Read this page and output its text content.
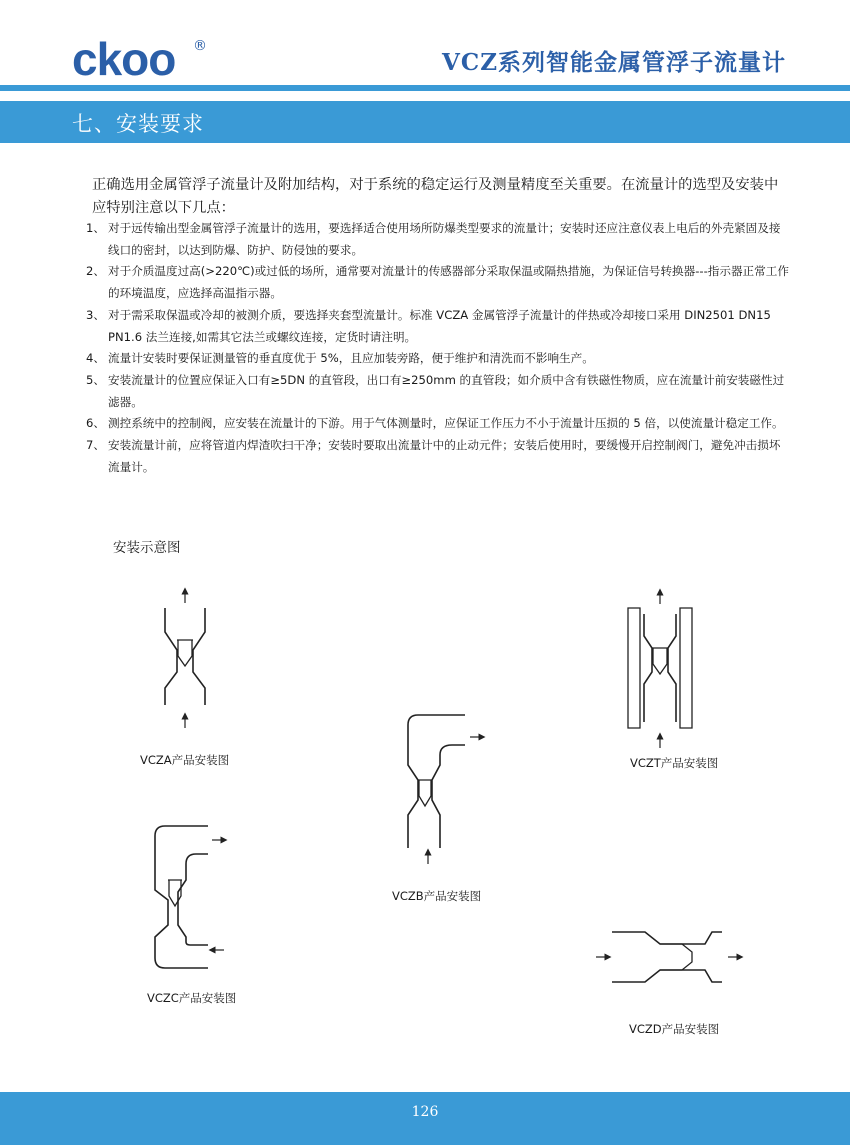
ckoo ®
VCZ系列智能金属管浮子流量计
七、安装要求
正确选用金属管浮子流量计及附加结构，对于系统的稳定运行及测量精度至关重要。在流量计的选型及安装中应特别注意以下几点：
1、 对于远传输出型金属管浮子流量计的选用，要选择适合使用场所防爆类型要求的流量计；安装时还应注意仪表上电后的外壳紧固及接线口的密封，以达到防爆、防护、防侵蚀的要求。
2、 对于介质温度过高(>220℃)或过低的场所，通常要对流量计的传感器部分采取保温或隔热措施，为保证信号转换器---指示器正常工作的环境温度，应选择高温指示器。
3、 对于需采取保温或冷却的被测介质，要选择夹套型流量计。标准 VCZA 金属管浮子流量计的伴热或冷却接口采用 DIN2501 DN15 PN1.6 法兰连接,如需其它法兰或螺纹连接，定货时请注明。
4、 流量计安装时要保证测量管的垂直度优于 5%，且应加装旁路，便于维护和清洗而不影响生产。
5、 安装流量计的位置应保证入口有≥5DN 的直管段，出口有≥250mm 的直管段；如介质中含有铁磁性物质，应在流量计前安装磁性过滤器。
6、 测控系统中的控制阀，应安装在流量计的下游。用于气体测量时，应保证工作压力不小于流量计压损的 5 倍，以使流量计稳定工作。
7、 安装流量计前，应将管道内焊渣吹扫干净；安装时要取出流量计中的止动元件；安装后使用时，要缓慢开启控制阀门，避免冲击损坏流量计。
安装示意图
VCZA产品安装图	VCZT产品安装图
VCZB产品安装图
VCZC产品安装图
VCZD产品安装图
126
